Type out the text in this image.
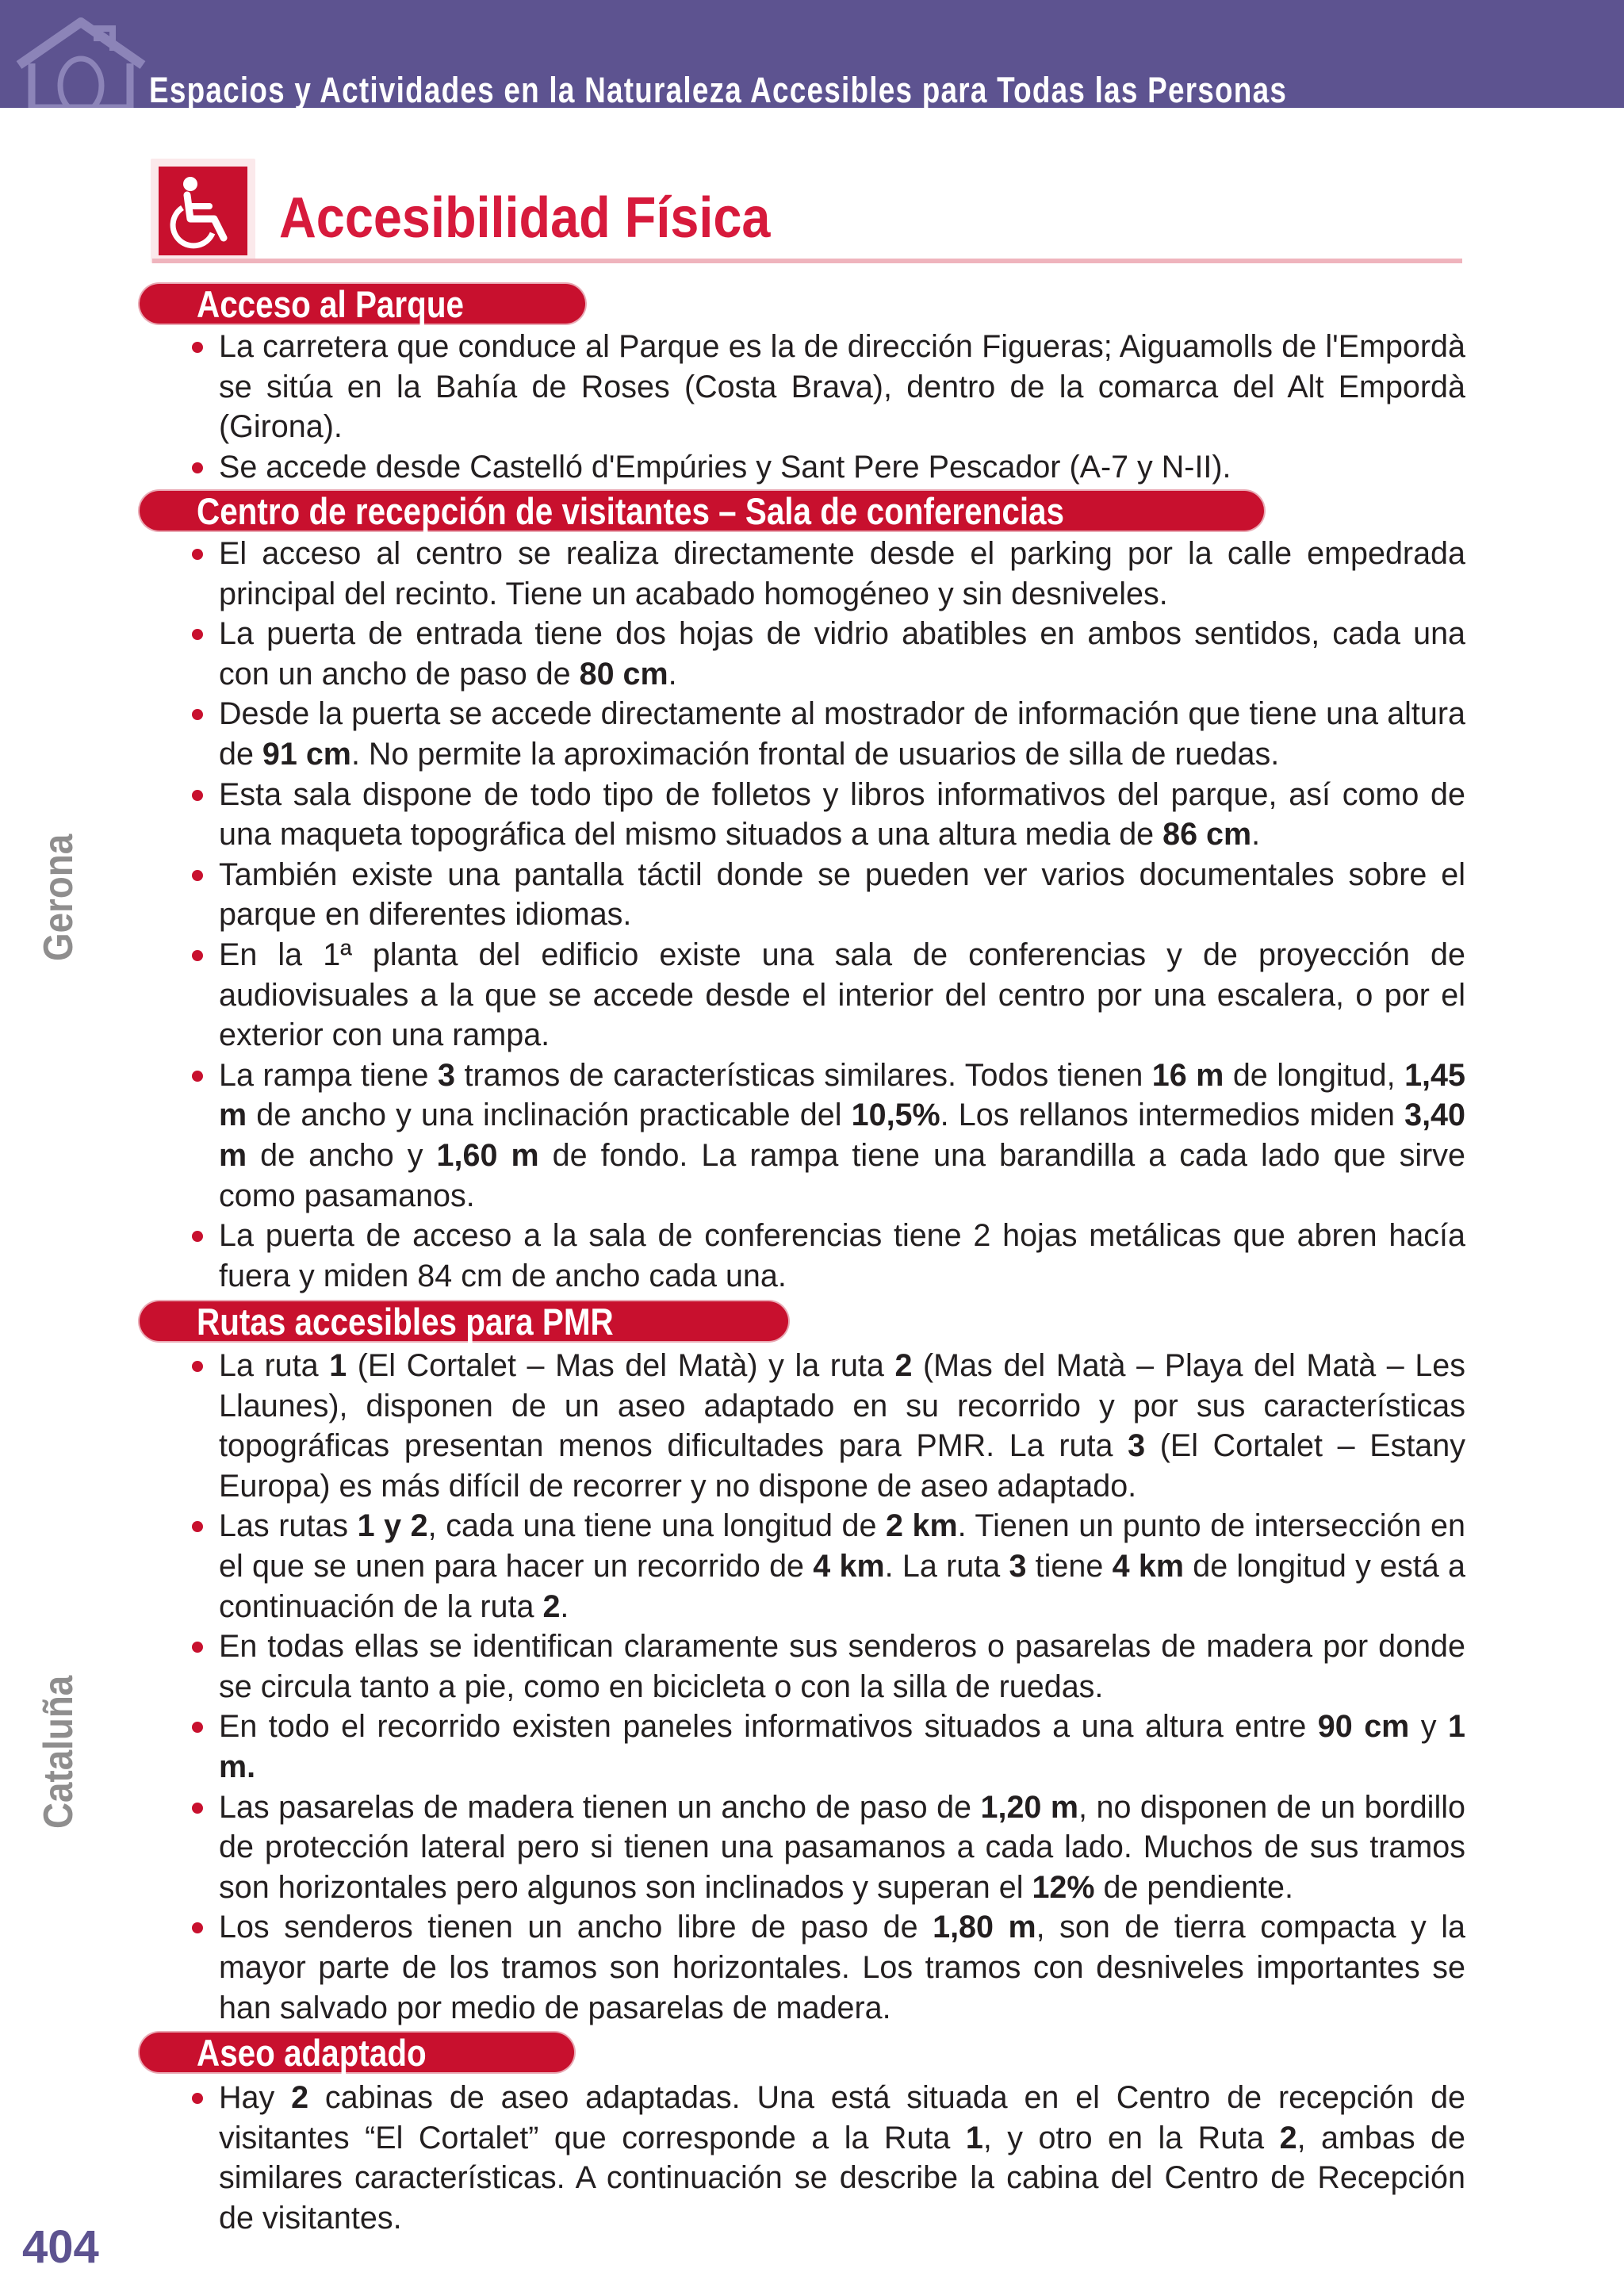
Espacios y Actividades en la Naturaleza Accesibles para Todas las Personas
Accesibilidad Física
Gerona
Cataluña
Acceso al Parque
La carretera que conduce al Parque es la de dirección Figueras; Aiguamolls de l'Empordà se sitúa en la Bahía de Roses (Costa Brava), dentro de la comarca del Alt Empordà (Girona).
Se accede desde Castelló d'Empúries y Sant Pere Pescador (A-7 y N-II).
Centro de recepción de visitantes – Sala de conferencias
El acceso al centro se realiza directamente desde el parking por la calle empedrada principal del recinto. Tiene un acabado homogéneo y sin desniveles.
La puerta de entrada tiene dos hojas de vidrio abatibles en ambos sentidos, cada una con un ancho de paso de 80 cm.
Desde la puerta se accede directamente al mostrador de información que tiene una altura de 91 cm. No permite la aproximación frontal de usuarios de silla de ruedas.
Esta sala dispone de todo tipo de folletos y libros informativos del parque, así como de una maqueta topográfica del mismo situados a una altura media de 86 cm.
También existe una pantalla táctil donde se pueden ver varios documentales sobre el parque en diferentes idiomas.
En la 1ª planta del edificio existe una sala de conferencias y de proyección de audiovisuales a la que se accede desde el interior del centro por una escalera, o por el exterior con una rampa.
La rampa tiene 3 tramos de características similares. Todos tienen 16 m de longitud, 1,45 m de ancho y una inclinación practicable del 10,5%. Los rellanos intermedios miden 3,40 m de ancho y 1,60 m de fondo. La rampa tiene una barandilla a cada lado que sirve como pasamanos.
La puerta de acceso a la sala de conferencias tiene 2 hojas metálicas que abren hacía fuera y miden 84 cm de ancho cada una.
Rutas accesibles para PMR
La ruta 1 (El Cortalet – Mas del Matà) y la ruta 2 (Mas del Matà – Playa del Matà – Les Llaunes), disponen de un aseo adaptado en su recorrido y por sus características topográficas presentan menos dificultades para PMR. La ruta 3 (El Cortalet – Estany Europa) es más difícil de recorrer y no dispone de aseo adaptado.
Las rutas 1 y 2, cada una tiene una longitud de 2 km. Tienen un punto de intersección en el que se unen para hacer un recorrido de 4 km. La ruta 3 tiene 4 km de longitud y está a continuación de la ruta 2.
En todas ellas se identifican claramente sus senderos o pasarelas de madera por donde se circula tanto a pie, como en bicicleta o con la silla de ruedas.
En todo el recorrido existen paneles informativos situados a una altura entre 90 cm y 1 m.
Las pasarelas de madera tienen un ancho de paso de 1,20 m, no disponen de un bordillo de protección lateral pero si tienen una pasamanos a cada lado. Muchos de sus tramos son horizontales pero algunos son inclinados y superan el 12% de pendiente.
Los senderos tienen un ancho libre de paso de 1,80 m, son de tierra compacta y la mayor parte de los tramos son horizontales. Los tramos con desniveles importantes se han salvado por medio de pasarelas de madera.
Aseo adaptado
Hay 2 cabinas de aseo adaptadas. Una está situada en el Centro de recepción de visitantes “El Cortalet” que corresponde a la Ruta 1, y otro en la Ruta 2, ambas de similares características. A continuación se describe la cabina del Centro de Recepción de visitantes.
404
